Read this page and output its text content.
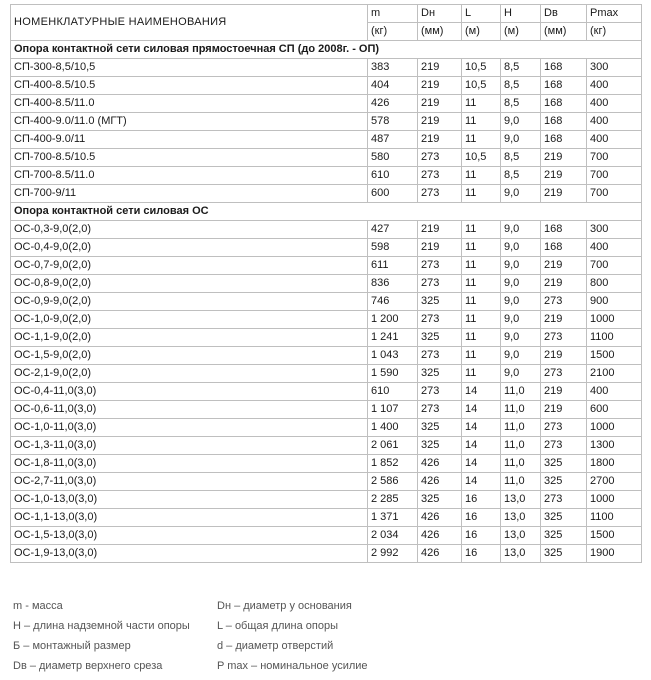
НОМЕНКЛАТУРНЫЕ НАИМЕНОВАНИЯ	m	Dн	L	H	Dв	Pmax
	(кг)	(мм)	(м)	(м)	(мм)	(кг)
Опора контактной сети силовая прямостоечная СП (до 2008г. - ОП)						
СП-300-8,5/10,5	383	219	10,5	8,5	168	300
СП-400-8.5/10.5	404	219	10,5	8,5	168	400
СП-400-8.5/11.0	426	219	11	8,5	168	400
СП-400-9.0/11.0 (МГТ)	578	219	11	9,0	168	400
СП-400-9.0/11	487	219	11	9,0	168	400
СП-700-8.5/10.5	580	273	10,5	8,5	219	700
СП-700-8.5/11.0	610	273	11	8,5	219	700
СП-700-9/11	600	273	11	9,0	219	700
Опора контактной сети силовая ОС						
ОС-0,3-9,0(2,0)	427	219	11	9,0	168	300
ОС-0,4-9,0(2,0)	598	219	11	9,0	168	400
ОС-0,7-9,0(2,0)	611	273	11	9,0	219	700
ОС-0,8-9,0(2,0)	836	273	11	9,0	219	800
ОС-0,9-9,0(2,0)	746	325	11	9,0	273	900
ОС-1,0-9,0(2,0)	1 200	273	11	9,0	219	1000
ОС-1,1-9,0(2,0)	1 241	325	11	9,0	273	1100
ОС-1,5-9,0(2,0)	1 043	273	11	9,0	219	1500
ОС-2,1-9,0(2,0)	1 590	325	11	9,0	273	2100
ОС-0,4-11,0(3,0)	610	273	14	11,0	219	400
ОС-0,6-11,0(3,0)	1 107	273	14	11,0	219	600
ОС-1,0-11,0(3,0)	1 400	325	14	11,0	273	1000
ОС-1,3-11,0(3,0)	2 061	325	14	11,0	273	1300
ОС-1,8-11,0(3,0)	1 852	426	14	11,0	325	1800
ОС-2,7-11,0(3,0)	2 586	426	14	11,0	325	2700
ОС-1,0-13,0(3,0)	2 285	325	16	13,0	273	1000
ОС-1,1-13,0(3,0)	1 371	426	16	13,0	325	1100
ОС-1,5-13,0(3,0)	2 034	426	16	13,0	325	1500
ОС-1,9-13,0(3,0)	2 992	426	16	13,0	325	1900
m - масса	Dн – диаметр у основания
H – длина надземной части опоры	L – общая длина опоры
Б – монтажный размер	d – диаметр отверстий
Dв – диаметр верхнего среза	P max – номинальное усилие
